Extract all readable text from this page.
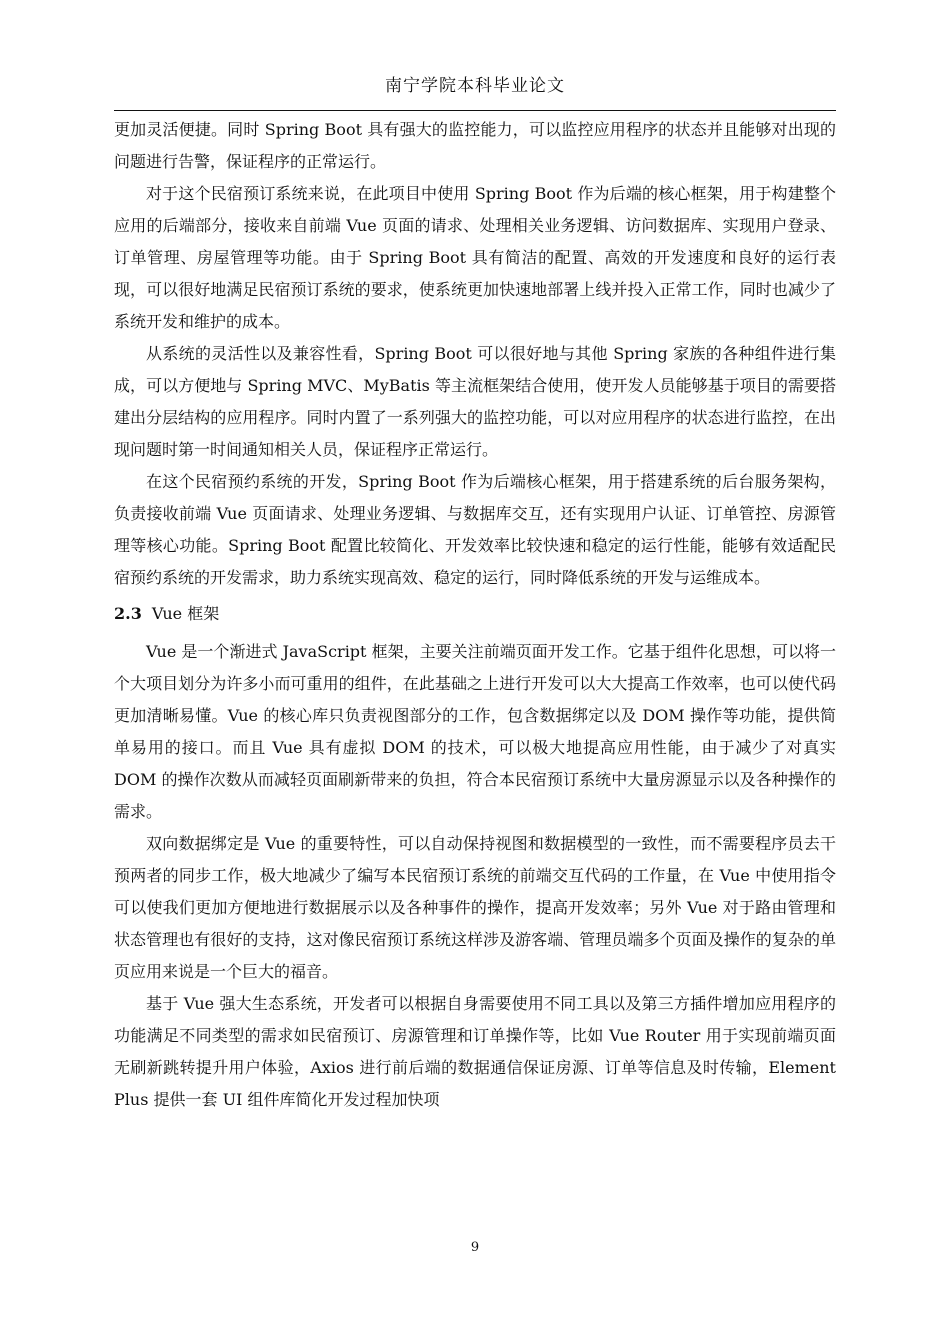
南宁学院本科毕业论文

更加灵活便捷。同时 Spring Boot 具有强大的监控能力，可以监控应用程序的状态并且能够对出现的问题进行告警，保证程序的正常运行。

对于这个民宿预订系统来说，在此项目中使用 Spring Boot 作为后端的核心框架，用于构建整个应用的后端部分，接收来自前端 Vue 页面的请求、处理相关业务逻辑、访问数据库、实现用户登录、订单管理、房屋管理等功能。由于 Spring Boot 具有简洁的配置、高效的开发速度和良好的运行表现，可以很好地满足民宿预订系统的要求，使系统更加快速地部署上线并投入正常工作，同时也减少了系统开发和维护的成本。

从系统的灵活性以及兼容性看，Spring Boot 可以很好地与其他 Spring 家族的各种组件进行集成，可以方便地与 Spring MVC、MyBatis 等主流框架结合使用，使开发人员能够基于项目的需要搭建出分层结构的应用程序。同时内置了一系列强大的监控功能，可以对应用程序的状态进行监控，在出现问题时第一时间通知相关人员，保证程序正常运行。

在这个民宿预约系统的开发，Spring Boot 作为后端核心框架，用于搭建系统的后台服务架构，负责接收前端 Vue 页面请求、处理业务逻辑、与数据库交互，还有实现用户认证、订单管控、房源管理等核心功能。Spring Boot 配置比较简化、开发效率比较快速和稳定的运行性能，能够有效适配民宿预约系统的开发需求，助力系统实现高效、稳定的运行，同时降低系统的开发与运维成本。

2.3 Vue 框架

Vue 是一个渐进式 JavaScript 框架，主要关注前端页面开发工作。它基于组件化思想，可以将一个大项目划分为许多小而可重用的组件，在此基础之上进行开发可以大大提高工作效率，也可以使代码更加清晰易懂。Vue 的核心库只负责视图部分的工作，包含数据绑定以及 DOM 操作等功能，提供简单易用的接口。而且 Vue 具有虚拟 DOM 的技术，可以极大地提高应用性能，由于减少了对真实 DOM 的操作次数从而减轻页面刷新带来的负担，符合本民宿预订系统中大量房源显示以及各种操作的需求。

双向数据绑定是 Vue 的重要特性，可以自动保持视图和数据模型的一致性，而不需要程序员去干预两者的同步工作，极大地减少了编写本民宿预订系统的前端交互代码的工作量，在 Vue 中使用指令可以使我们更加方便地进行数据展示以及各种事件的操作，提高开发效率；另外 Vue 对于路由管理和状态管理也有很好的支持，这对像民宿预订系统这样涉及游客端、管理员端多个页面及操作的复杂的单页应用来说是一个巨大的福音。

基于 Vue 强大生态系统，开发者可以根据自身需要使用不同工具以及第三方插件增加应用程序的功能满足不同类型的需求如民宿预订、房源管理和订单操作等，比如 Vue Router 用于实现前端页面无刷新跳转提升用户体验，Axios 进行前后端的数据通信保证房源、订单等信息及时传输，Element Plus 提供一套 UI 组件库简化开发过程加快项

9
